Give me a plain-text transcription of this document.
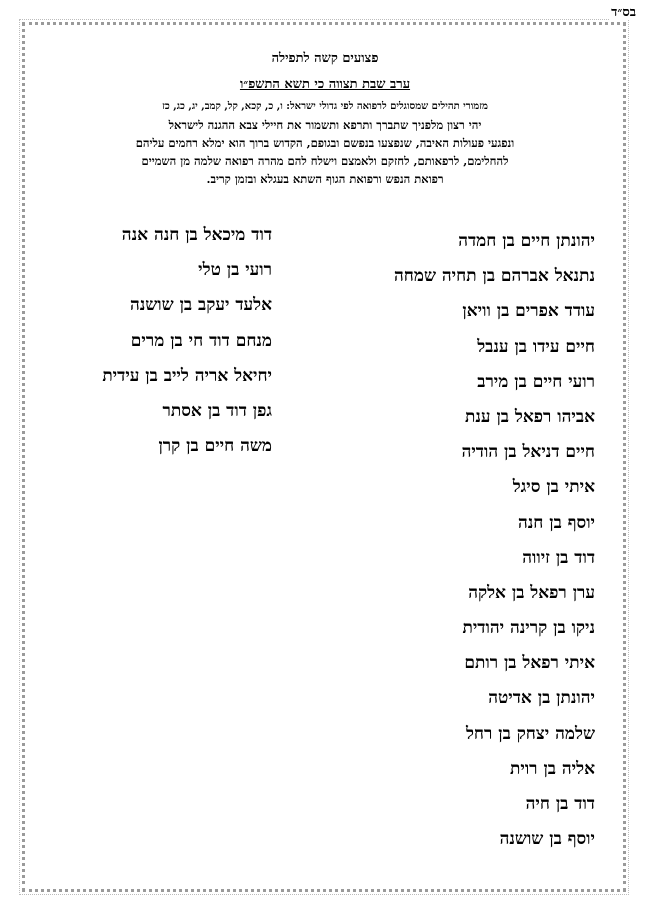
בס״ד
פצועים קשה לתפילה
ערב שבת תצווה כי תשא התשפ״ו
מזמורי תהילים שמסוגלים לרפואה לפי גדולי ישראל: ו, כ, קכא, קל, קמב, יג, כג, כז
יהי רצון מלפניך שתברך ותרפא ותשמור את חיילי צבא ההגנה לישראל
ונפגעי פעולות האיבה, שנפצעו בנפשם ובגופם, הקדוש ברוך הוא ימלא רחמים עליהם
להחלימם, לרפאותם, לחזקם ולאמצם וישלח להם מהרה רפואה שלמה מן השמיים
רפואת הנפש ורפואת הגוף השתא בעגלא ובזמן קריב.
יהונתן חיים בן חמדה
נתנאל אברהם בן תחיה שמחה
עודד אפרים בן וויאן
חיים עידו בן ענבל
רועי חיים בן מירב
אביהו רפאל בן ענת
חיים דניאל בן הודיה
איתי בן סיגל
יוסף בן חנה
דוד בן זיווה
ערן רפאל בן אלקה
ניקו בן קרינה יהודית
איתי רפאל בן רותם
יהונתן בן אדיטה
שלמה יצחק בן רחל
אליה בן רוית
דוד בן חיה
יוסף בן שושנה
דוד מיכאל בן חנה אנה
רועי בן טלי
אלעד יעקב בן שושנה
מנחם דוד חי בן מרים
יחיאל אריה לייב בן עידית
גפן דוד בן אסתר
משה חיים בן קרן
